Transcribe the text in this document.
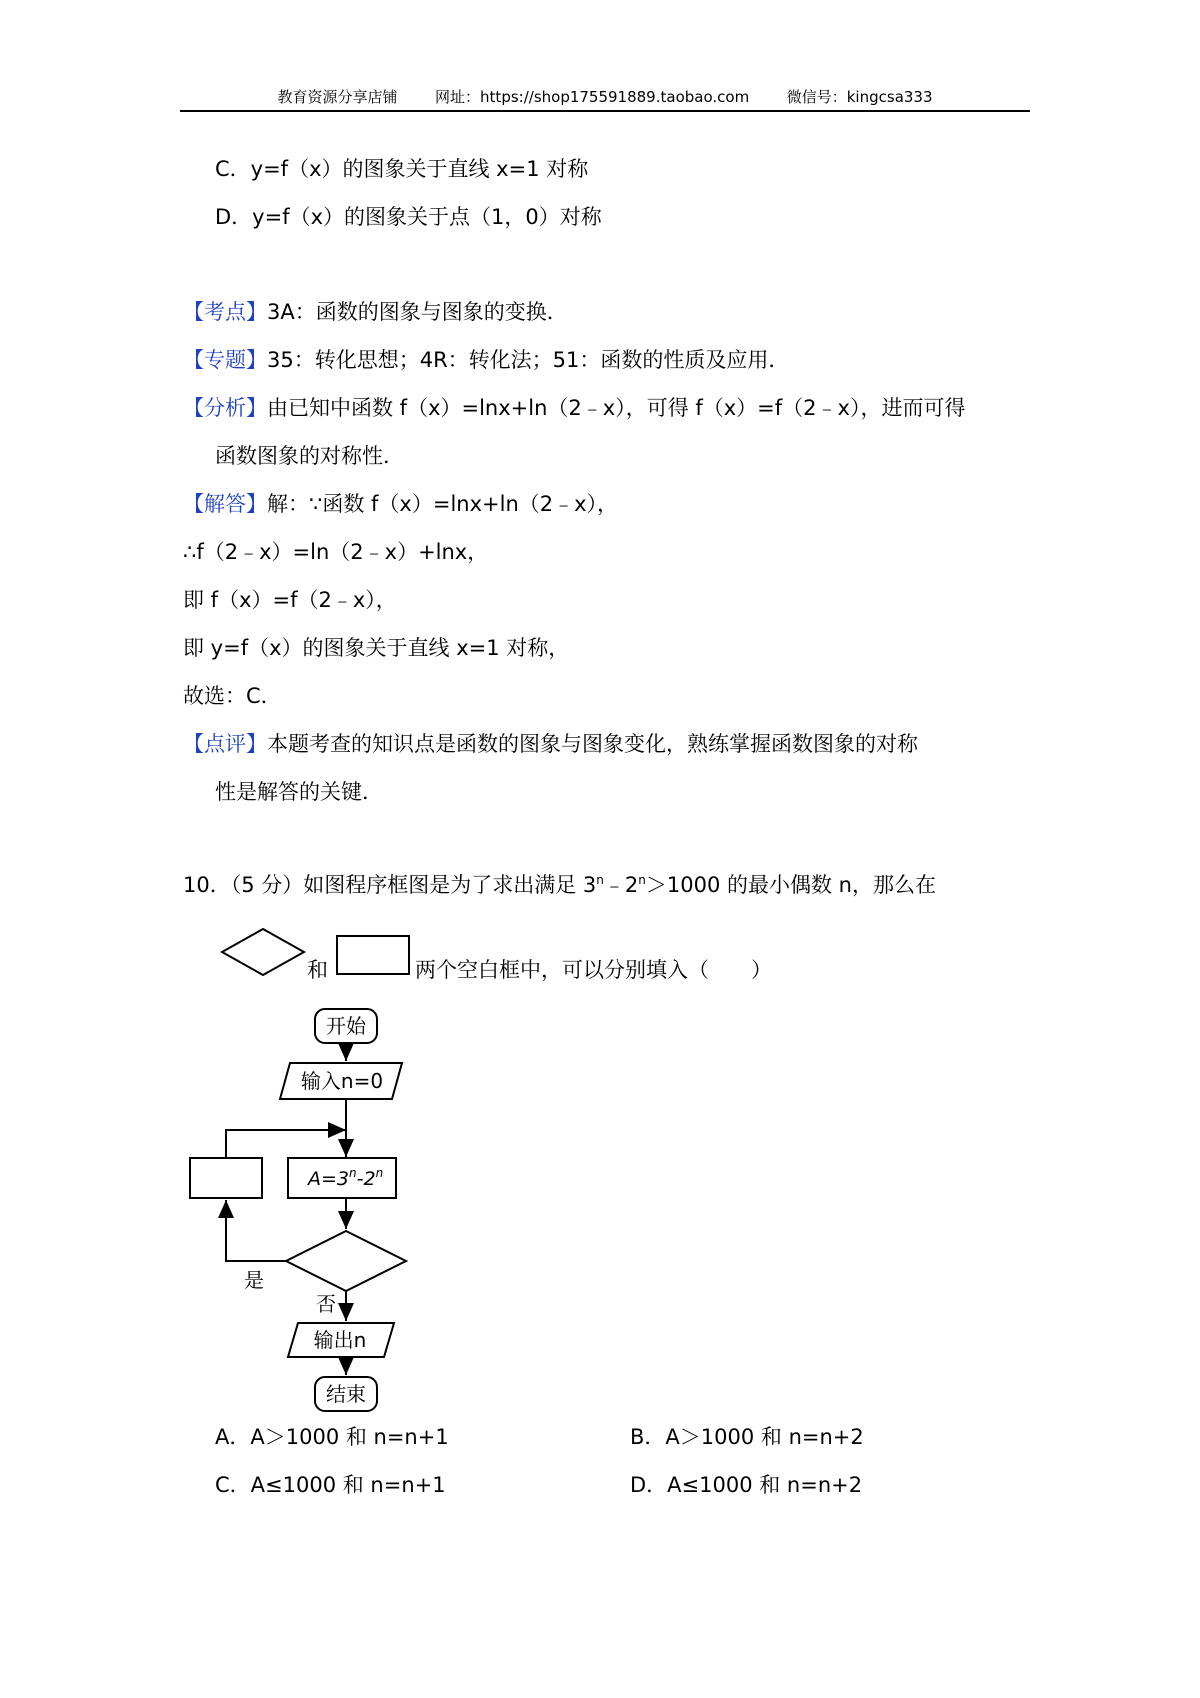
教育资源分享店铺	网址：https://shop175591889.taobao.com	微信号：kingcsa333
C．y=f（x）的图象关于直线 x=1 对称
D．y=f（x）的图象关于点（1，0）对称
【考点】3A：函数的图象与图象的变换．
【专题】35：转化思想；4R：转化法；51：函数的性质及应用．
【分析】由已知中函数 f（x）=lnx+ln（2﹣x），可得 f（x）=f（2﹣x），进而可得
函数图象的对称性．
【解答】解：∵函数 f（x）=lnx+ln（2﹣x），
∴f（2﹣x）=ln（2﹣x）+lnx，
即 f（x）=f（2﹣x），
即 y=f（x）的图象关于直线 x=1 对称，
故选：C．
【点评】本题考查的知识点是函数的图象与图象变化，熟练掌握函数图象的对称
性是解答的关键．
10．（5 分）如图程序框图是为了求出满足 $3^n﹣2^n>1000$ 的最小偶数 n，那么在
和	两个空白框中，可以分别填入（　　）
开始
输入n=0
$A=3^n-2^n$
是
否
输出n
结束
A．A＞1000 和 n=n+1	B．A＞1000 和 n=n+2
C．A≤1000 和 n=n+1	D．A≤1000 和 n=n+2
